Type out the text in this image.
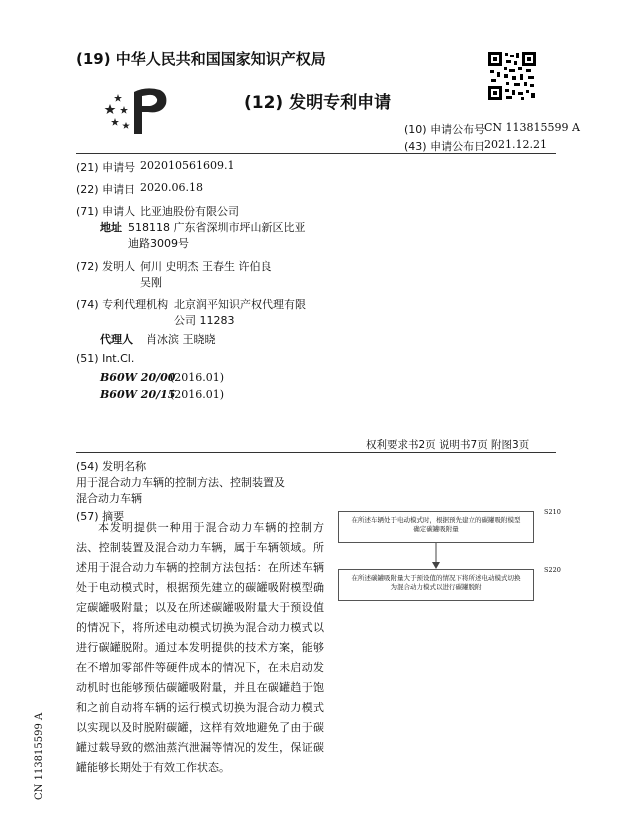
(19) 中华人民共和国国家知识产权局
(12) 发明专利申请
(10) 申请公布号
CN 113815599 A
(43) 申请公布日
2021.12.21
(21) 申请号 202010561609.1
(22) 申请日 2020.06.18
(71) 申请人 比亚迪股份有限公司
地址 518118 广东省深圳市坪山新区比亚
迪路3009号
(72) 发明人 何川 史明杰 王春生 许伯良
吴刚
(74) 专利代理机构 北京润平知识产权代理有限
公司 11283
代理人 肖冰滨 王晓晓
(51) Int.Cl.
B60W 20/00
(2016.01)
B60W 20/15
(2016.01)
权利要求书2页 说明书7页 附图3页
(54) 发明名称
用于混合动力车辆的控制方法、控制装置及
混合动力车辆
(57) 摘要

本发明提供一种用于混合动力车辆的控制方法、控制装置及混合动力车辆，属于车辆领域。所述用于混合动力车辆的控制方法包括：在所述车辆处于电动模式时，根据预先建立的碳罐吸附模型确定碳罐吸附量；以及在所述碳罐吸附量大于预设值的情况下，将所述电动模式切换为混合动力模式以进行碳罐脱附。通过本发明提供的技术方案，能够在不增加零部件等硬件成本的情况下，在未启动发动机时也能够预估碳罐吸附量，并且在碳罐趋于饱和之前自动将车辆的运行模式切换为混合动力模式以实现以及时脱附碳罐，这样有效地避免了由于碳罐过载导致的燃油蒸汽泄漏等情况的发生，保证碳罐能够长期处于有效工作状态。

在所述车辆处于电动模式时，根据预先建立的碳罐吸附模型确定碳罐吸附量
S210
在所述碳罐吸附量大于预设值的情况下将所述电动模式切换为混合动力模式以进行碳罐脱附
S220
CN 113815599 A
